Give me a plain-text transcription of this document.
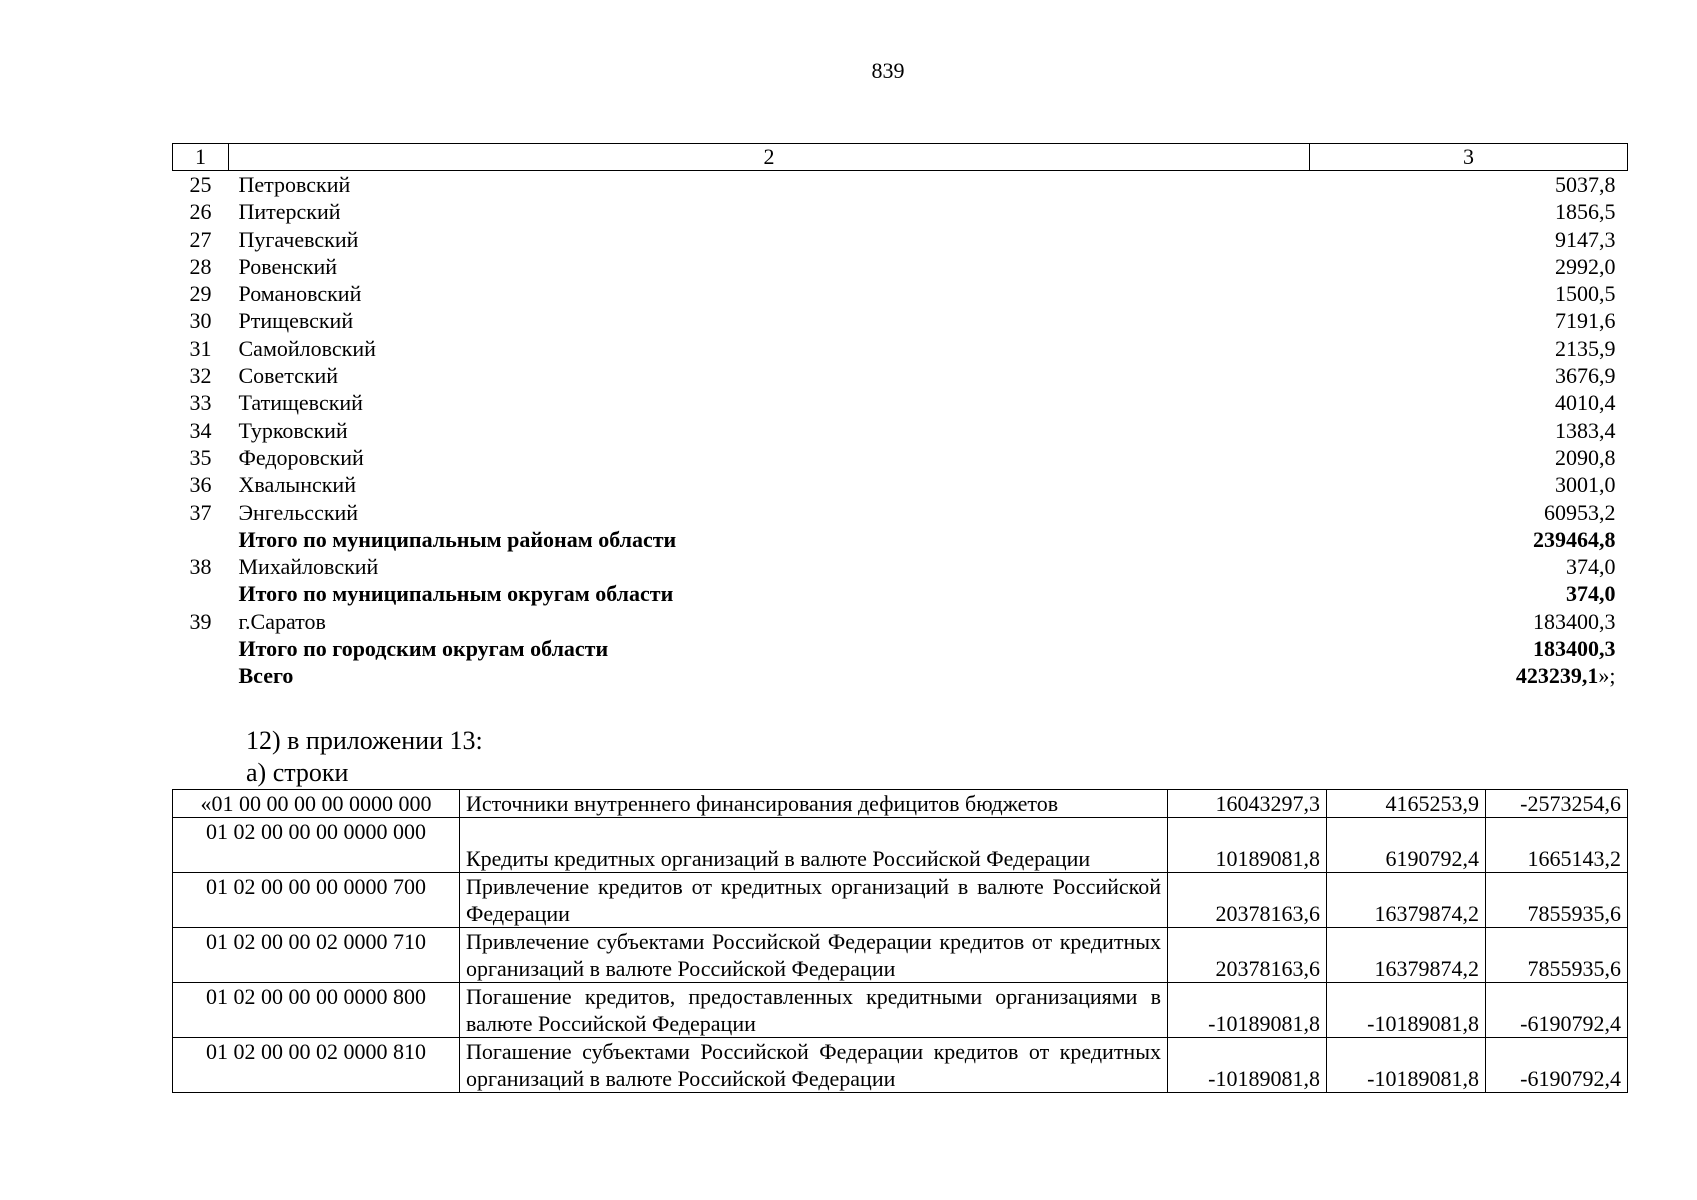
839
1	2	3
25	Петровский	5037,8
26	Питерский	1856,5
27	Пугачевский	9147,3
28	Ровенский	2992,0
29	Романовский	1500,5
30	Ртищевский	7191,6
31	Самойловский	2135,9
32	Советский	3676,9
33	Татищевский	4010,4
34	Турковский	1383,4
35	Федоровский	2090,8
36	Хвалынский	3001,0
37	Энгельсский	60953,2
	Итого по муниципальным районам области	239464,8
38	Михайловский	374,0
	Итого по муниципальным округам области	374,0
39	г.Саратов	183400,3
	Итого по городским округам области	183400,3
	Всего	423239,1»;
12) в приложении 13:
а) строки
«01 00 00 00 00 0000 000	Источники внутреннего финансирования дефицитов бюджетов	16043297,3	4165253,9	-2573254,6
01 02 00 00 00 0000 000	Кредиты кредитных организаций в валюте Российской Федерации	10189081,8	6190792,4	1665143,2
01 02 00 00 00 0000 700	Привлечение кредитов от кредитных организаций в валюте Российской Федерации	20378163,6	16379874,2	7855935,6
01 02 00 00 02 0000 710	Привлечение субъектами Российской Федерации кредитов от кредитных организаций в валюте Российской Федерации	20378163,6	16379874,2	7855935,6
01 02 00 00 00 0000 800	Погашение кредитов, предоставленных кредитными организациями в валюте Российской Федерации	-10189081,8	-10189081,8	-6190792,4
01 02 00 00 02 0000 810	Погашение субъектами Российской Федерации кредитов от кредитных организаций в валюте Российской Федерации	-10189081,8	-10189081,8	-6190792,4
